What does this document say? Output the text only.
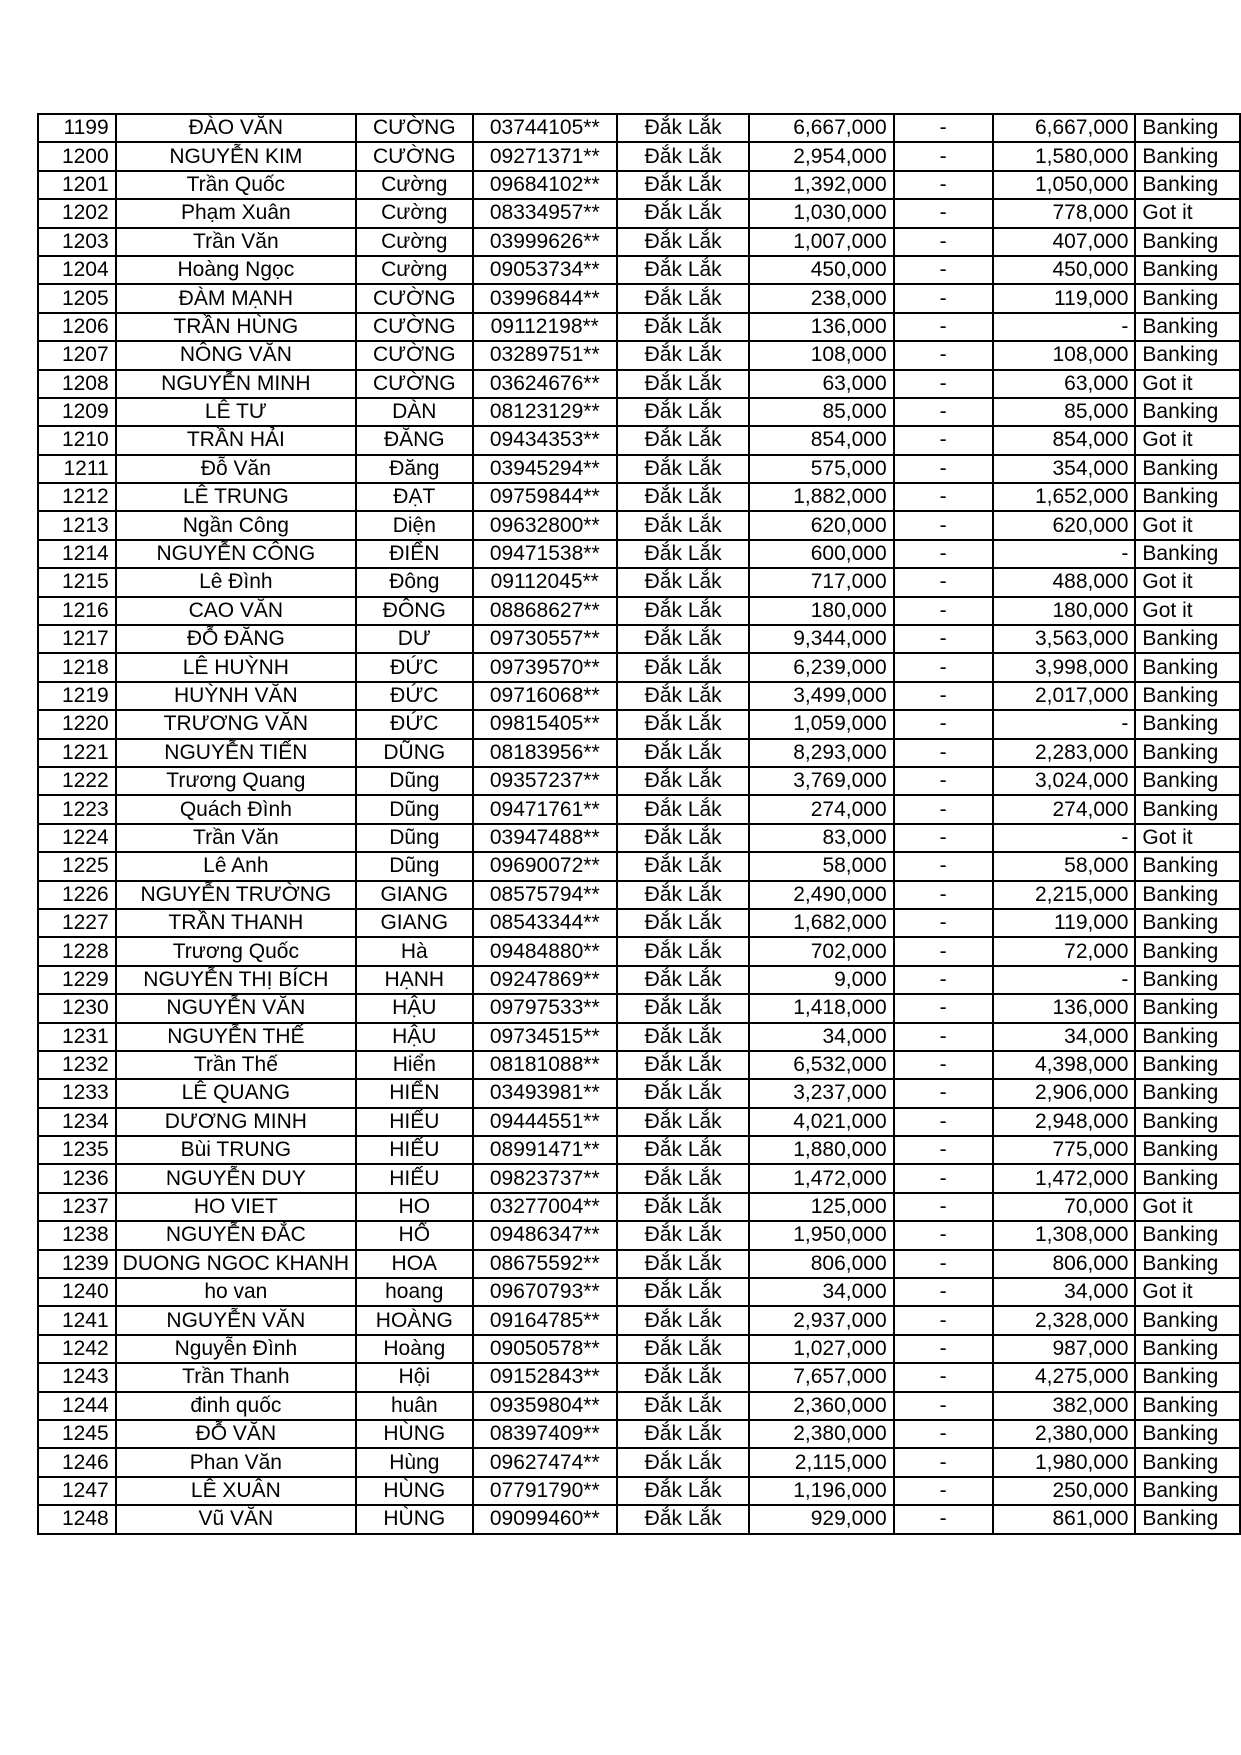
1199	ĐÀO VĂN	CƯỜNG	03744105**	Đắk Lắk	6,667,000	-	6,667,000	Banking
1200	NGUYỄN KIM	CƯỜNG	09271371**	Đắk Lắk	2,954,000	-	1,580,000	Banking
1201	Trần Quốc	Cường	09684102**	Đắk Lắk	1,392,000	-	1,050,000	Banking
1202	Phạm Xuân	Cường	08334957**	Đắk Lắk	1,030,000	-	778,000	Got it
1203	Trần Văn	Cường	03999626**	Đắk Lắk	1,007,000	-	407,000	Banking
1204	Hoàng Ngọc	Cường	09053734**	Đắk Lắk	450,000	-	450,000	Banking
1205	ĐÀM MẠNH	CƯỜNG	03996844**	Đắk Lắk	238,000	-	119,000	Banking
1206	TRẦN HÙNG	CƯỜNG	09112198**	Đắk Lắk	136,000	-	-	Banking
1207	NÔNG VĂN	CƯỜNG	03289751**	Đắk Lắk	108,000	-	108,000	Banking
1208	NGUYỄN MINH	CƯỜNG	03624676**	Đắk Lắk	63,000	-	63,000	Got it
1209	LÊ TƯ	DÀN	08123129**	Đắk Lắk	85,000	-	85,000	Banking
1210	TRẦN HẢI	ĐĂNG	09434353**	Đắk Lắk	854,000	-	854,000	Got it
1211	Đỗ Văn	Đăng	03945294**	Đắk Lắk	575,000	-	354,000	Banking
1212	LÊ TRUNG	ĐẠT	09759844**	Đắk Lắk	1,882,000	-	1,652,000	Banking
1213	Ngần Công	Diện	09632800**	Đắk Lắk	620,000	-	620,000	Got it
1214	NGUYỄN CÔNG	ĐIỂN	09471538**	Đắk Lắk	600,000	-	-	Banking
1215	Lê Đình	Đông	09112045**	Đắk Lắk	717,000	-	488,000	Got it
1216	CAO VĂN	ĐÔNG	08868627**	Đắk Lắk	180,000	-	180,000	Got it
1217	ĐỖ ĐĂNG	DƯ	09730557**	Đắk Lắk	9,344,000	-	3,563,000	Banking
1218	LÊ HUỲNH	ĐỨC	09739570**	Đắk Lắk	6,239,000	-	3,998,000	Banking
1219	HUỲNH VĂN	ĐỨC	09716068**	Đắk Lắk	3,499,000	-	2,017,000	Banking
1220	TRƯƠNG VĂN	ĐỨC	09815405**	Đắk Lắk	1,059,000	-	-	Banking
1221	NGUYỄN TIẾN	DŨNG	08183956**	Đắk Lắk	8,293,000	-	2,283,000	Banking
1222	Trương Quang	Dũng	09357237**	Đắk Lắk	3,769,000	-	3,024,000	Banking
1223	Quách Đình	Dũng	09471761**	Đắk Lắk	274,000	-	274,000	Banking
1224	Trần Văn	Dũng	03947488**	Đắk Lắk	83,000	-	-	Got it
1225	Lê Anh	Dũng	09690072**	Đắk Lắk	58,000	-	58,000	Banking
1226	NGUYỄN TRƯỜNG	GIANG	08575794**	Đắk Lắk	2,490,000	-	2,215,000	Banking
1227	TRẦN THANH	GIANG	08543344**	Đắk Lắk	1,682,000	-	119,000	Banking
1228	Trương Quốc	Hà	09484880**	Đắk Lắk	702,000	-	72,000	Banking
1229	NGUYỄN THỊ BÍCH	HẠNH	09247869**	Đắk Lắk	9,000	-	-	Banking
1230	NGUYỄN VĂN	HẬU	09797533**	Đắk Lắk	1,418,000	-	136,000	Banking
1231	NGUYỄN THẾ	HẬU	09734515**	Đắk Lắk	34,000	-	34,000	Banking
1232	Trần Thế	Hiển	08181088**	Đắk Lắk	6,532,000	-	4,398,000	Banking
1233	LÊ QUANG	HIỂN	03493981**	Đắk Lắk	3,237,000	-	2,906,000	Banking
1234	DƯƠNG MINH	HIẾU	09444551**	Đắk Lắk	4,021,000	-	2,948,000	Banking
1235	Bùi TRUNG	HIẾU	08991471**	Đắk Lắk	1,880,000	-	775,000	Banking
1236	NGUYỄN DUY	HIẾU	09823737**	Đắk Lắk	1,472,000	-	1,472,000	Banking
1237	HO VIET	HO	03277004**	Đắk Lắk	125,000	-	70,000	Got it
1238	NGUYỄN ĐẮC	HỔ	09486347**	Đắk Lắk	1,950,000	-	1,308,000	Banking
1239	DUONG NGOC KHANH	HOA	08675592**	Đắk Lắk	806,000	-	806,000	Banking
1240	ho van	hoang	09670793**	Đắk Lắk	34,000	-	34,000	Got it
1241	NGUYỄN VĂN	HOÀNG	09164785**	Đắk Lắk	2,937,000	-	2,328,000	Banking
1242	Nguyễn Đình	Hoàng	09050578**	Đắk Lắk	1,027,000	-	987,000	Banking
1243	Trần Thanh	Hội	09152843**	Đắk Lắk	7,657,000	-	4,275,000	Banking
1244	đinh quốc	huân	09359804**	Đắk Lắk	2,360,000	-	382,000	Banking
1245	ĐỖ VĂN	HÙNG	08397409**	Đắk Lắk	2,380,000	-	2,380,000	Banking
1246	Phan Văn	Hùng	09627474**	Đắk Lắk	2,115,000	-	1,980,000	Banking
1247	LÊ XUÂN	HÙNG	07791790**	Đắk Lắk	1,196,000	-	250,000	Banking
1248	Vũ VĂN	HÙNG	09099460**	Đắk Lắk	929,000	-	861,000	Banking
